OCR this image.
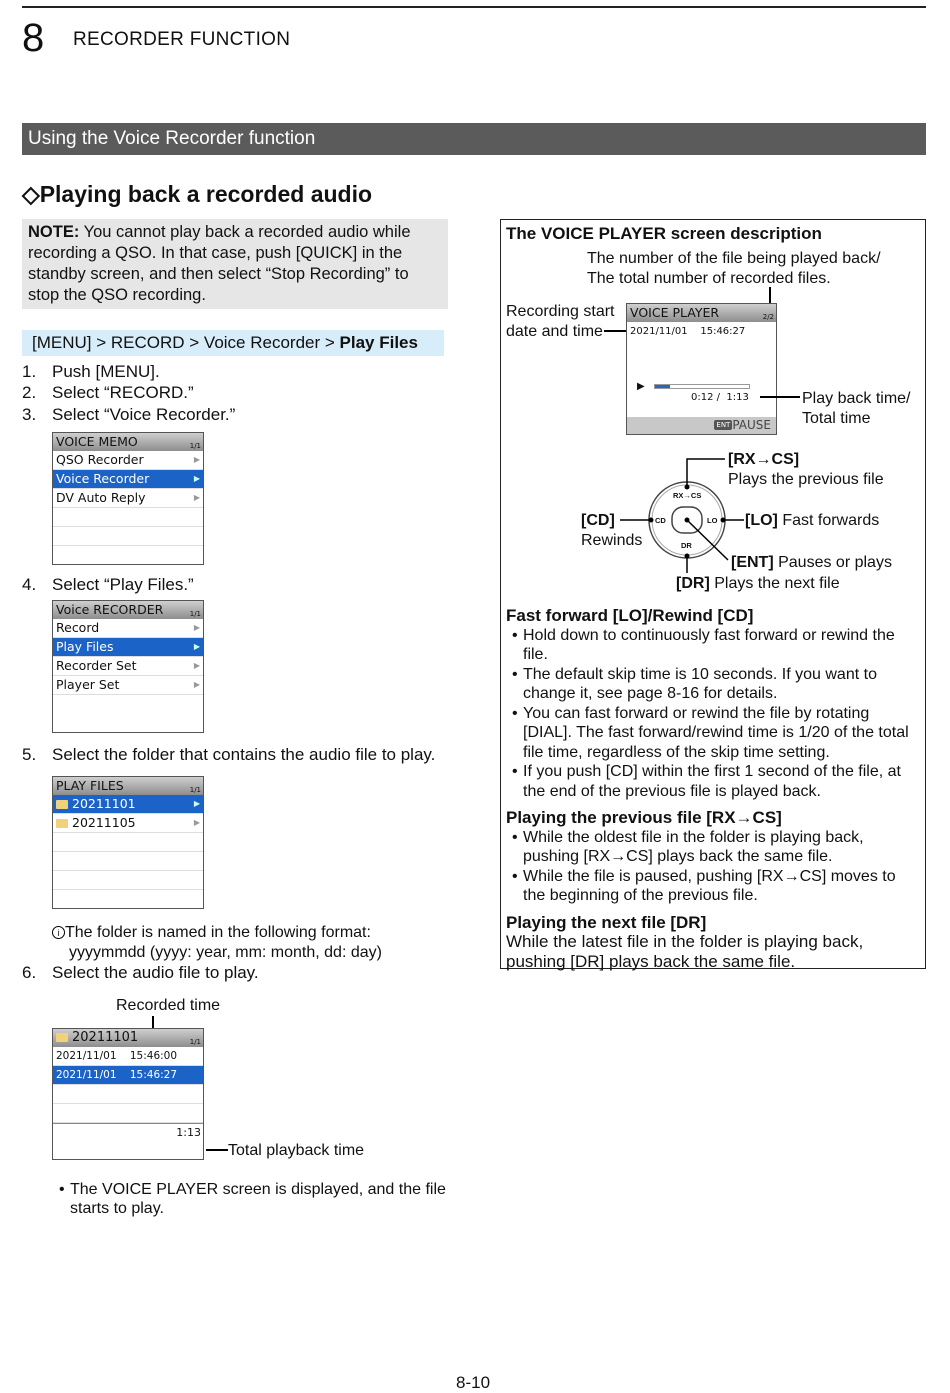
8 RECORDER FUNCTION
Using the Voice Recorder function
◇Playing back a recorded audio
NOTE: You cannot play back a recorded audio while recording a QSO. In that case, push [QUICK] in the standby screen, and then select “Stop Recording” to stop the QSO recording.
[MENU] > RECORD > Voice Recorder > Play Files
1. Push [MENU].
2. Select “RECORD.”
3. Select “Voice Recorder.”
VOICE MEMO	1/1
QSO Recorder	▶
Voice Recorder	▶
DV Auto Reply	▶
4. Select “Play Files.”
Voice RECORDER	1/1
Record	▶
Play Files	▶
Recorder Set	▶
Player Set	▶
5. Select the folder that contains the audio file to play.
PLAY FILES	1/1
20211101	▶
20211105	▶
i The folder is named in the following format:
yyyymmdd (yyyy: year, mm: month, dd: day)
6. Select the audio file to play.
Recorded time
20211101	1/1
2021/11/01    15:46:00
2021/11/01    15:46:27
1:13
Total playback time
• The VOICE PLAYER screen is displayed, and the file starts to play.
The VOICE PLAYER screen description
The number of the file being played back/
The total number of recorded files.
Recording start
date and time
VOICE PLAYER	2/2
2021/11/01    15:46:27
▶
0:12 / 1:13
ENT PAUSE
Play back time/
Total time
RX→CS
CD	LO
DR
[RX→CS]
Plays the previous file
[CD]
Rewinds
[LO] Fast forwards
[ENT] Pauses or plays
[DR] Plays the next file
Fast forward [LO]/Rewind [CD]
• Hold down to continuously fast forward or rewind the file.
• The default skip time is 10 seconds. If you want to change it, see page 8-16 for details.
• You can fast forward or rewind the file by rotating [DIAL]. The fast forward/rewind time is 1/20 of the total file time, regardless of the skip time setting.
• If you push [CD] within the first 1 second of the file, at the end of the previous file is played back.
Playing the previous file [RX→CS]
• While the oldest file in the folder is playing back, pushing [RX→CS] plays back the same file.
• While the file is paused, pushing [RX→CS] moves to the beginning of the previous file.
Playing the next file [DR]
While the latest file in the folder is playing back, pushing [DR] plays back the same file.
8-10
